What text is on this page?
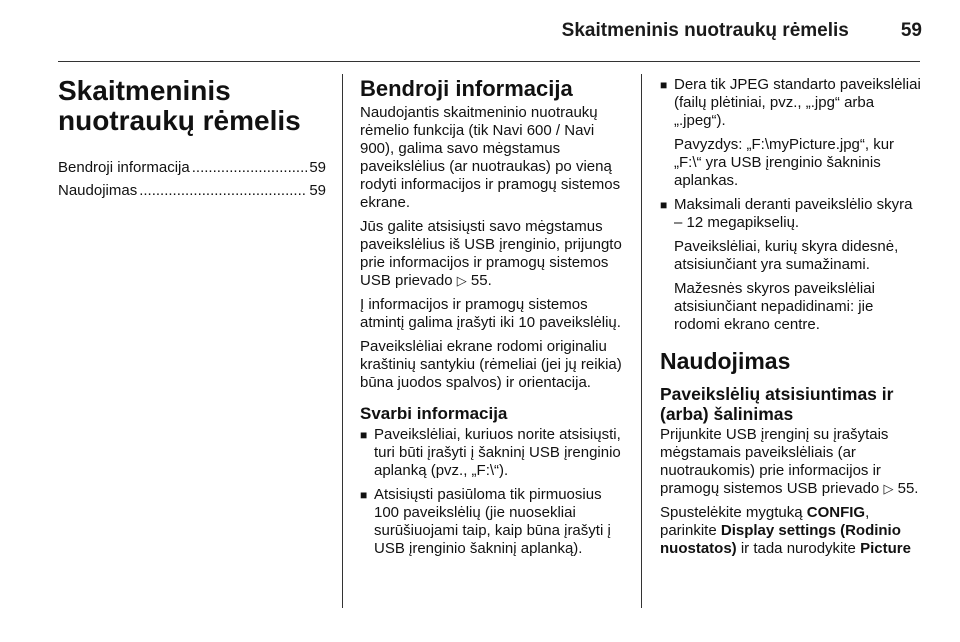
Skaitmeninis nuotraukų rėmelis	59
Skaitmeninis nuotraukų rėmelis
Bendroji informacija .....	59
Naudojimas .....	59
Bendroji informacija

Naudojantis skaitmeninio nuotraukų rėmelio funkcija (tik Navi 600 / Navi 900), galima savo mėgstamus paveikslėlius (ar nuotraukas) po vieną rodyti informacijos ir pramogų sistemos ekrane.

Jūs galite atsisiųsti savo mėgstamus paveikslėlius iš USB įrenginio, prijungto prie informacijos ir pramogų sistemos USB prievado ▷ 55.

Į informacijos ir pramogų sistemos atmintį galima įrašyti iki 10 paveikslėlių.

Paveikslėliai ekrane rodomi originaliu kraštinių santykiu (rėmeliai (jei jų reikia) būna juodos spalvos) ir orientacija.

Svarbi informacija
■ Paveikslėliai, kuriuos norite atsisiųsti, turi būti įrašyti į šakninį USB įrenginio aplanką (pvz., „F:\“).
■ Atsisiųsti pasiūloma tik pirmuosius 100 paveikslėlių (jie nuosekliai surūšiuojami taip, kaip būna įrašyti į USB įrenginio šakninį aplanką).
■ Dera tik JPEG standarto paveikslėliai (failų plėtiniai, pvz., „.jpg“ arba „.jpeg“).

Pavyzdys: „F:\myPicture.jpg“, kur „F:\“ yra USB įrenginio šakninis aplankas.

■ Maksimali deranti paveikslėlio skyra – 12 megapikselių.

Paveikslėliai, kurių skyra didesnė, atsisiunčiant yra sumažinami.

Mažesnės skyros paveikslėliai atsisiunčiant nepadidinami: jie rodomi ekrano centre.

Naudojimas
Paveikslėlių atsisiuntimas ir (arba) šalinimas

Prijunkite USB įrenginį su įrašytais mėgstamais paveikslėliais (ar nuotraukomis) prie informacijos ir pramogų sistemos USB prievado ▷ 55.

Spustelėkite mygtuką CONFIG, parinkite Display settings (Rodinio nuostatos) ir tada nurodykite Picture
